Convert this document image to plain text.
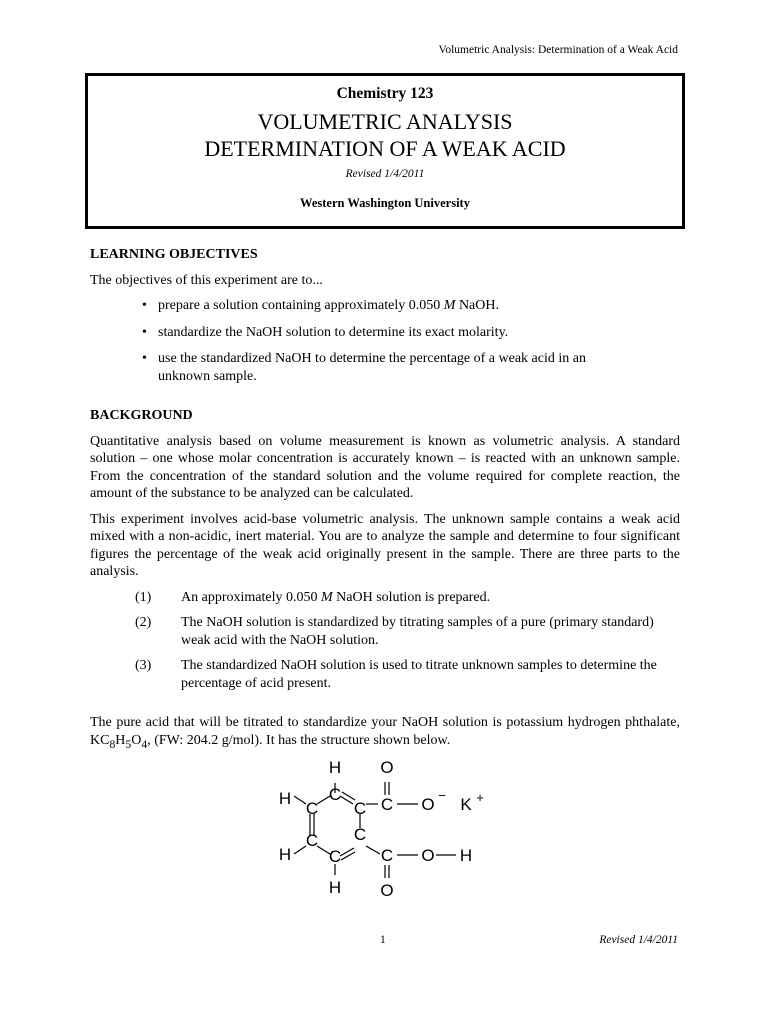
Volumetric Analysis: Determination of a Weak Acid
Chemistry 123
VOLUMETRIC ANALYSIS
DETERMINATION OF A WEAK ACID
Revised 1/4/2011
Western Washington University
LEARNING OBJECTIVES

The objectives of this experiment are to...

• prepare a solution containing approximately 0.050 M NaOH.
• standardize the NaOH solution to determine its exact molarity.
• use the standardized NaOH to determine the percentage of a weak acid in an unknown sample.
BACKGROUND

Quantitative analysis based on volume measurement is known as volumetric analysis. A standard solution – one whose molar concentration is accurately known – is reacted with an unknown sample. From the concentration of the standard solution and the volume required for complete reaction, the amount of the substance to be analyzed can be calculated.

This experiment involves acid-base volumetric analysis. The unknown sample contains a weak acid mixed with a non-acidic, inert material. You are to analyze the sample and determine to four significant figures the percentage of the weak acid originally present in the sample. There are three parts to the analysis.

(1) An approximately 0.050 M NaOH solution is prepared.
(2) The NaOH solution is standardized by titrating samples of a pure (primary standard) weak acid with the NaOH solution.
(3) The standardized NaOH solution is used to titrate unknown samples to determine the percentage of acid present.

The pure acid that will be titrated to standardize your NaOH solution is potassium hydrogen phthalate, $KC_8H_5O_4$, (FW: 204.2 g/mol). It has the structure shown below.

H O
H C
C C C O − K +
C C
C
H	C O H
H O
1	Revised 1/4/2011
